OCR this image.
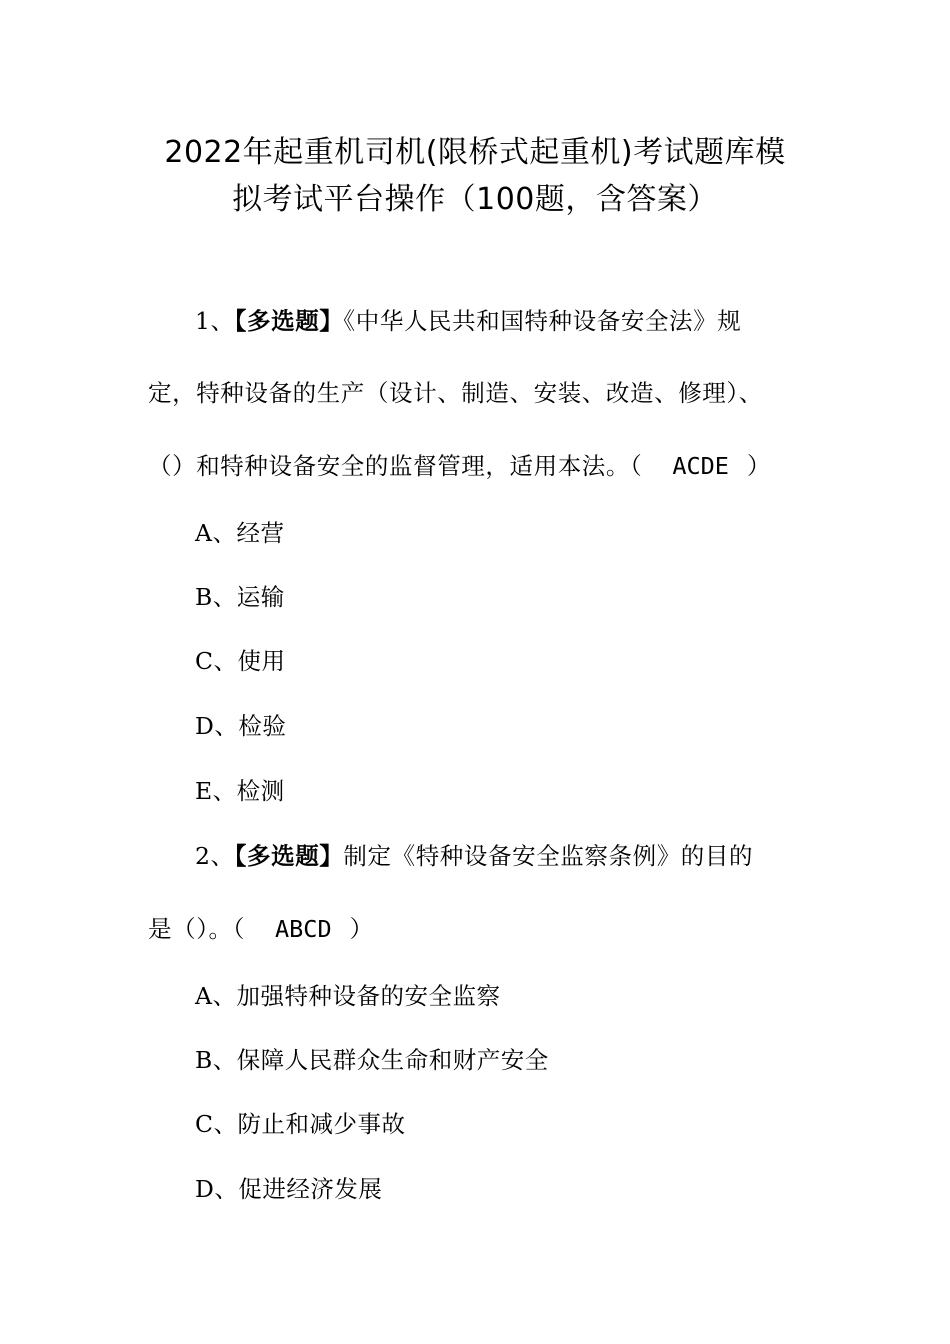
2022年起重机司机(限桥式起重机)考试题库模
拟考试平台操作（100题，含答案）
1、【多选题】《中华人民共和国特种设备安全法》规
定，特种设备的生产（设计、制造、安装、改造、修理）、
（）和特种设备安全的监督管理，适用本法。（ ACDE ）
A、经营
B、运输
C、使用
D、检验
E、检测
2、【多选题】制定《特种设备安全监察条例》的目的
是（）。（ ABCD ）
A、加强特种设备的安全监察
B、保障人民群众生命和财产安全
C、防止和减少事故
D、促进经济发展
